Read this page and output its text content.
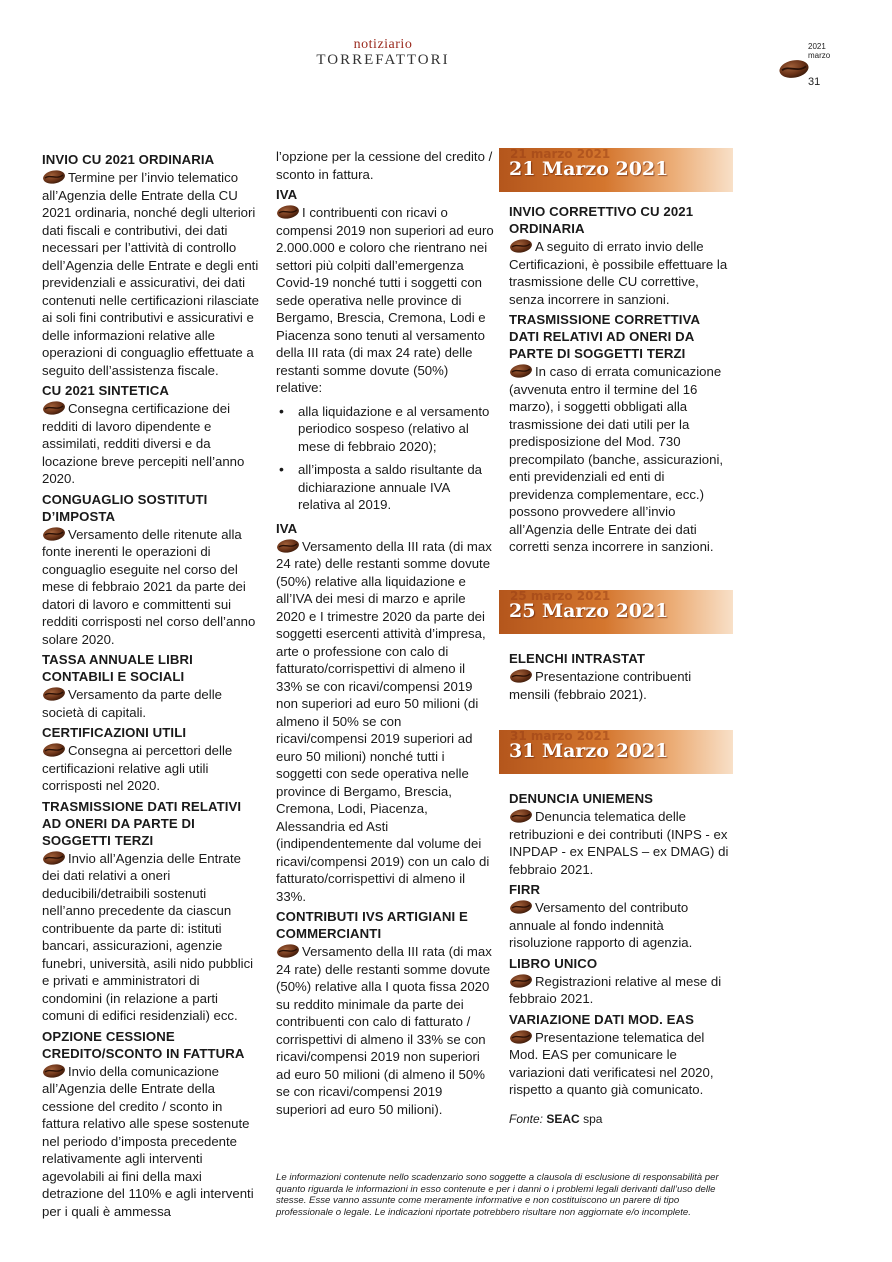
notiziario
TORREFATTORI
2021
marzo
31
INVIO CU 2021 ORDINARIA

Termine per l’invio telematico all’Agenzia delle Entrate della CU 2021 ordinaria, nonché degli ulteriori dati fiscali e contributivi, dei dati necessari per l’attività di controllo dell’Agenzia delle Entrate e degli enti previdenziali e assicurativi, dei dati contenuti nelle certificazioni rilasciate ai soli fini contributivi e assicurativi e delle informazioni relative alle operazioni di conguaglio effettuate a seguito dell’assistenza fiscale.

CU 2021 SINTETICA

Consegna certificazione dei redditi di lavoro dipendente e assimilati, redditi diversi e da locazione breve percepiti nell’anno 2020.

CONGUAGLIO SOSTITUTI D’IMPOSTA

Versamento delle ritenute alla fonte inerenti le operazioni di conguaglio eseguite nel corso del mese di febbraio 2021 da parte dei datori di lavoro e committenti sui redditi corrisposti nel corso dell’anno solare 2020.

TASSA ANNUALE LIBRI CONTABILI E SOCIALI

Versamento da parte delle società di capitali.

CERTIFICAZIONI UTILI

Consegna ai percettori delle certificazioni relative agli utili corrisposti nel 2020.

TRASMISSIONE DATI RELATIVI AD ONERI DA PARTE DI SOGGETTI TERZI

Invio all’Agenzia delle Entrate dei dati relativi a oneri deducibili/detraibili sostenuti nell’anno precedente da ciascun contribuente da parte di: istituti bancari, assicurazioni, agenzie funebri, università, asili nido pubblici e privati e amministratori di condomini (in relazione a parti comuni di edifici residenziali) ecc.

OPZIONE CESSIONE CREDITO/SCONTO IN FATTURA

Invio della comunicazione all’Agenzia delle Entrate della cessione del credito / sconto in fattura relativo alle spese sostenute nel periodo d’imposta precedente relativamente agli interventi agevolabili ai fini della maxi detrazione del 110% e agli interventi per i quali è ammessa

l’opzione per la cessione del credito / sconto in fattura.

IVA

I contribuenti con ricavi o compensi 2019 non superiori ad euro 2.000.000 e coloro che rientrano nei settori più colpiti dall’emergenza Covid-19 nonché tutti i soggetti con sede operativa nelle province di Bergamo, Brescia, Cremona, Lodi e Piacenza sono tenuti al versamento della III rata (di max 24 rate) delle restanti somme dovute (50%) relative:

• alla liquidazione e al versamento periodico sospeso (relativo al mese di febbraio 2020);
• all’imposta a saldo risultante da dichiarazione annuale IVA relativa al 2019.
IVA

Versamento della III rata (di max 24 rate) delle restanti somme dovute (50%) relative alla liquidazione e all’IVA dei mesi di marzo e aprile 2020 e I trimestre 2020 da parte dei soggetti esercenti attività d’impresa, arte o professione con calo di fatturato/corrispettivi di almeno il 33% se con ricavi/compensi 2019 non superiori ad euro 50 milioni (di almeno il 50% se con ricavi/compensi 2019 superiori ad euro 50 milioni) nonché tutti i soggetti con sede operativa nelle province di Bergamo, Brescia, Cremona, Lodi, Piacenza, Alessandria ed Asti (indipendentemente dal volume dei ricavi/compensi 2019) con un calo di fatturato/corrispettivi di almeno il 33%.

CONTRIBUTI IVS ARTIGIANI E COMMERCIANTI

Versamento della III rata (di max 24 rate) delle restanti somme dovute (50%) relative alla I quota fissa 2020 su reddito minimale da parte dei contribuenti con calo di fatturato / corrispettivi di almeno il 33% se con ricavi/compensi 2019 non superiori ad euro 50 milioni (di almeno il 50% se con ricavi/compensi 2019 superiori ad euro 50 milioni).

21 marzo 2021
21 Marzo 2021
25 marzo 2021
25 Marzo 2021
31 marzo 2021
31 Marzo 2021
INVIO CORRETTIVO CU 2021 ORDINARIA

A seguito di errato invio delle Certificazioni, è possibile effettuare la trasmissione delle CU correttive, senza incorrere in sanzioni.

TRASMISSIONE CORRETTIVA DATI RELATIVI AD ONERI DA PARTE DI SOGGETTI TERZI

In caso di errata comunicazione (avvenuta entro il termine del 16 marzo), i soggetti obbligati alla trasmissione dei dati utili per la predisposizione del Mod. 730 precompilato (banche, assicurazioni, enti previdenziali ed enti di previdenza complementare, ecc.) possono provvedere all’invio all’Agenzia delle Entrate dei dati corretti senza incorrere in sanzioni.

ELENCHI INTRASTAT

Presentazione contribuenti mensili (febbraio 2021).

DENUNCIA UNIEMENS

Denuncia telematica delle retribuzioni e dei contributi (INPS - ex INPDAP - ex ENPALS – ex DMAG) di febbraio 2021.

FIRR

Versamento del contributo annuale al fondo indennità risoluzione rapporto di agenzia.

LIBRO UNICO

Registrazioni relative al mese di febbraio 2021.

VARIAZIONE DATI MOD. EAS

Presentazione telematica del Mod. EAS per comunicare le variazioni dati verificatesi nel 2020, rispetto a quanto già comunicato.

Fonte: SEAC spa
Le informazioni contenute nello scadenzario sono soggette a clausola di esclusione di responsabilità per quanto riguarda le informazioni in esso contenute e per i danni o i problemi legali derivanti dall’uso delle stesse. Esse vanno assunte come meramente informative e non costituiscono un parere di tipo professionale o legale. Le indicazioni riportate potrebbero risultare non aggiornate e/o incomplete.
